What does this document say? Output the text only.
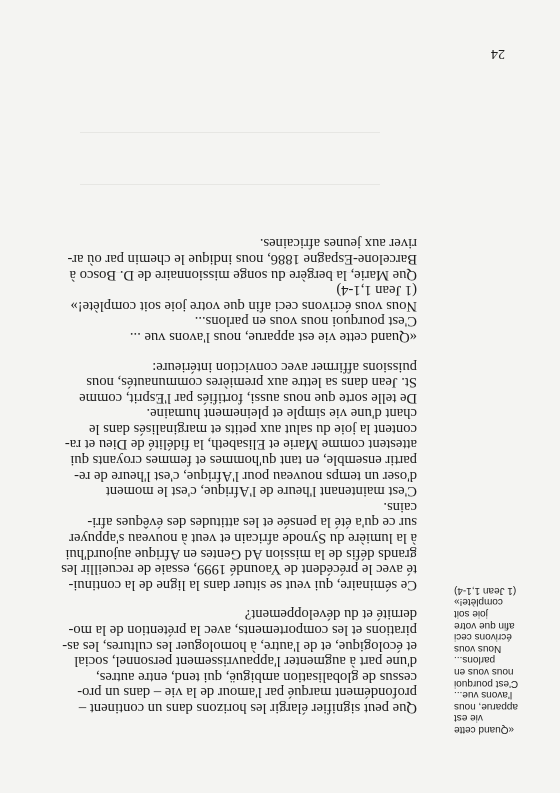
Que peut signifier élargir les horizons dans un continent –
profondément marqué par l'amour de la vie – dans un pro-
cessus de globalisation ambiguë, qui tend, entre autres,
d'une part à augmenter l'appauvrissement personnel, social
et écologique, et de l'autre, à homologuer les cultures, les as-
pirations et les comportements, avec la prétention de la mo-
dernité et du développement?

Ce séminaire, qui veut se situer dans la ligne de la continui-
té avec le précédent de Yaoundé 1999, essaie de recueillir les
grands défis de la mission Ad Gentes en Afrique aujourd'hui
à la lumière du Synode africain et veut à nouveau s'appuyer
sur ce qu'a été la pensée et les attitudes des évêques afri-
cains.
C'est maintenant l'heure de l'Afrique, c'est le moment
d'oser un temps nouveau pour l'Afrique, c'est l'heure de re-
partir ensemble, en tant qu'hommes et femmes croyants qui
attestent comme Marie et Elisabeth, la fidélité de Dieu et ra-
content la joie du salut aux petits et marginalisés dans le
chant d'une vie simple et pleinement humaine.
De telle sorte que nous aussi, fortifiés par l'Esprit, comme
St. Jean dans sa lettre aux premières communautés, nous
puissions affirmer avec conviction intérieure:

«Quand cette vie est apparue, nous l'avons vue ...
C'est pourquoi nous vous en parlons...
Nous vous écrivons ceci afin que votre joie soit complète!»
(1 Jean 1,1-4)
Que Marie, la bergère du songe missionnaire de D. Bosco à
Barcelone-Espagne 1886, nous indique le chemin par où ar-
river aux jeunes africaines.

«Quand cette
vie est
apparue, nous
l'avons vue...
C'est pourquoi
nous vous en
parlons...
Nous vous
écrivons ceci
afin que votre
joie soit
complète!»
(1 Jean 1,1-4)
24
